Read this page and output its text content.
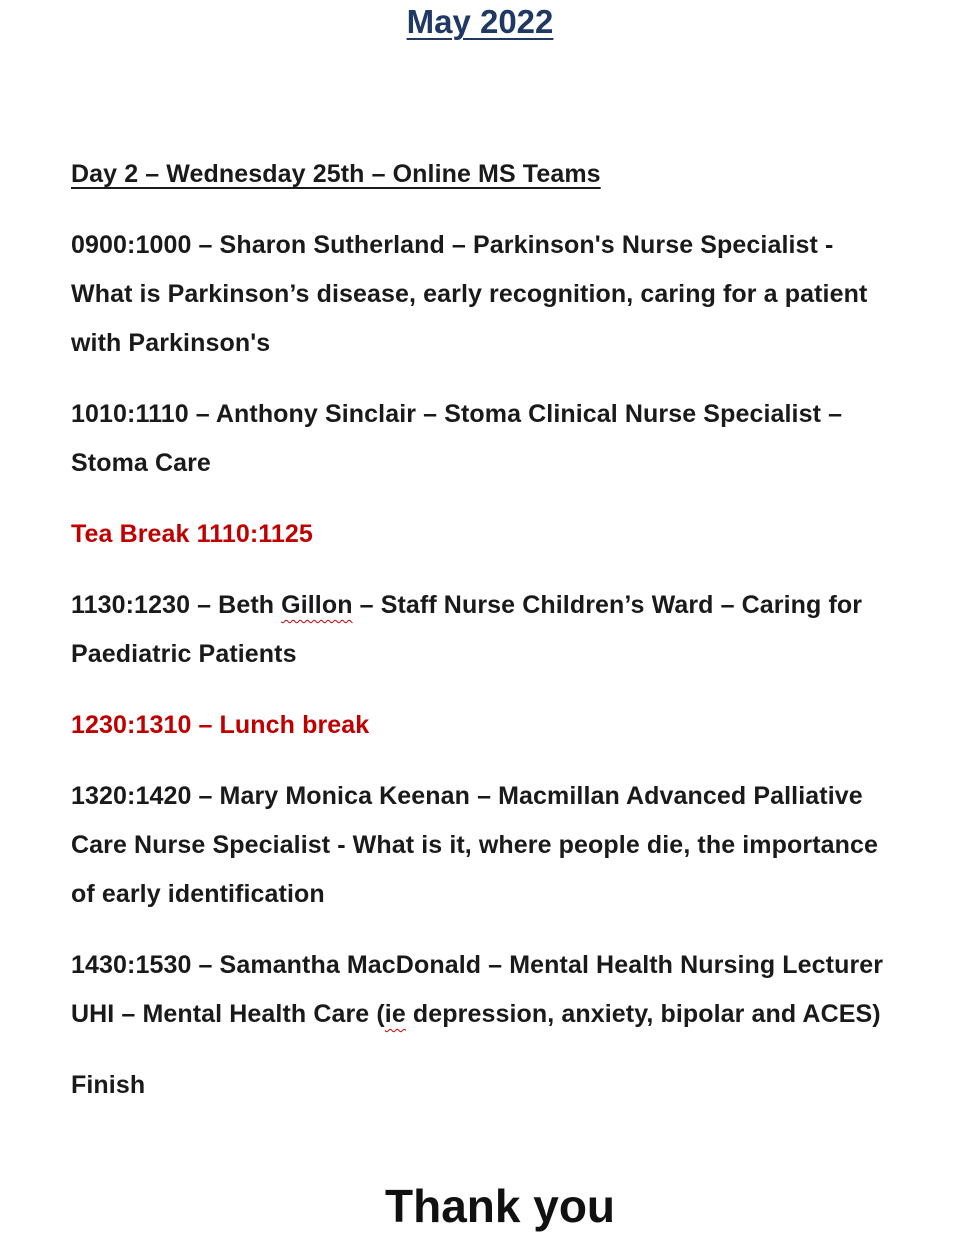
May 2022
Day 2 – Wednesday 25th – Online MS Teams
0900:1000 – Sharon Sutherland – Parkinson's Nurse Specialist - What is Parkinson’s disease, early recognition, caring for a patient with Parkinson's
1010:1110 – Anthony Sinclair – Stoma Clinical Nurse Specialist – Stoma Care
Tea Break 1110:1125
1130:1230 – Beth Gillon – Staff Nurse Children’s Ward – Caring for Paediatric Patients
1230:1310 – Lunch break
1320:1420 – Mary Monica Keenan – Macmillan Advanced Palliative Care Nurse Specialist - What is it, where people die, the importance of early identification
1430:1530 – Samantha MacDonald – Mental Health Nursing Lecturer UHI – Mental Health Care (ie depression, anxiety, bipolar and ACES)
Finish
Thank you
